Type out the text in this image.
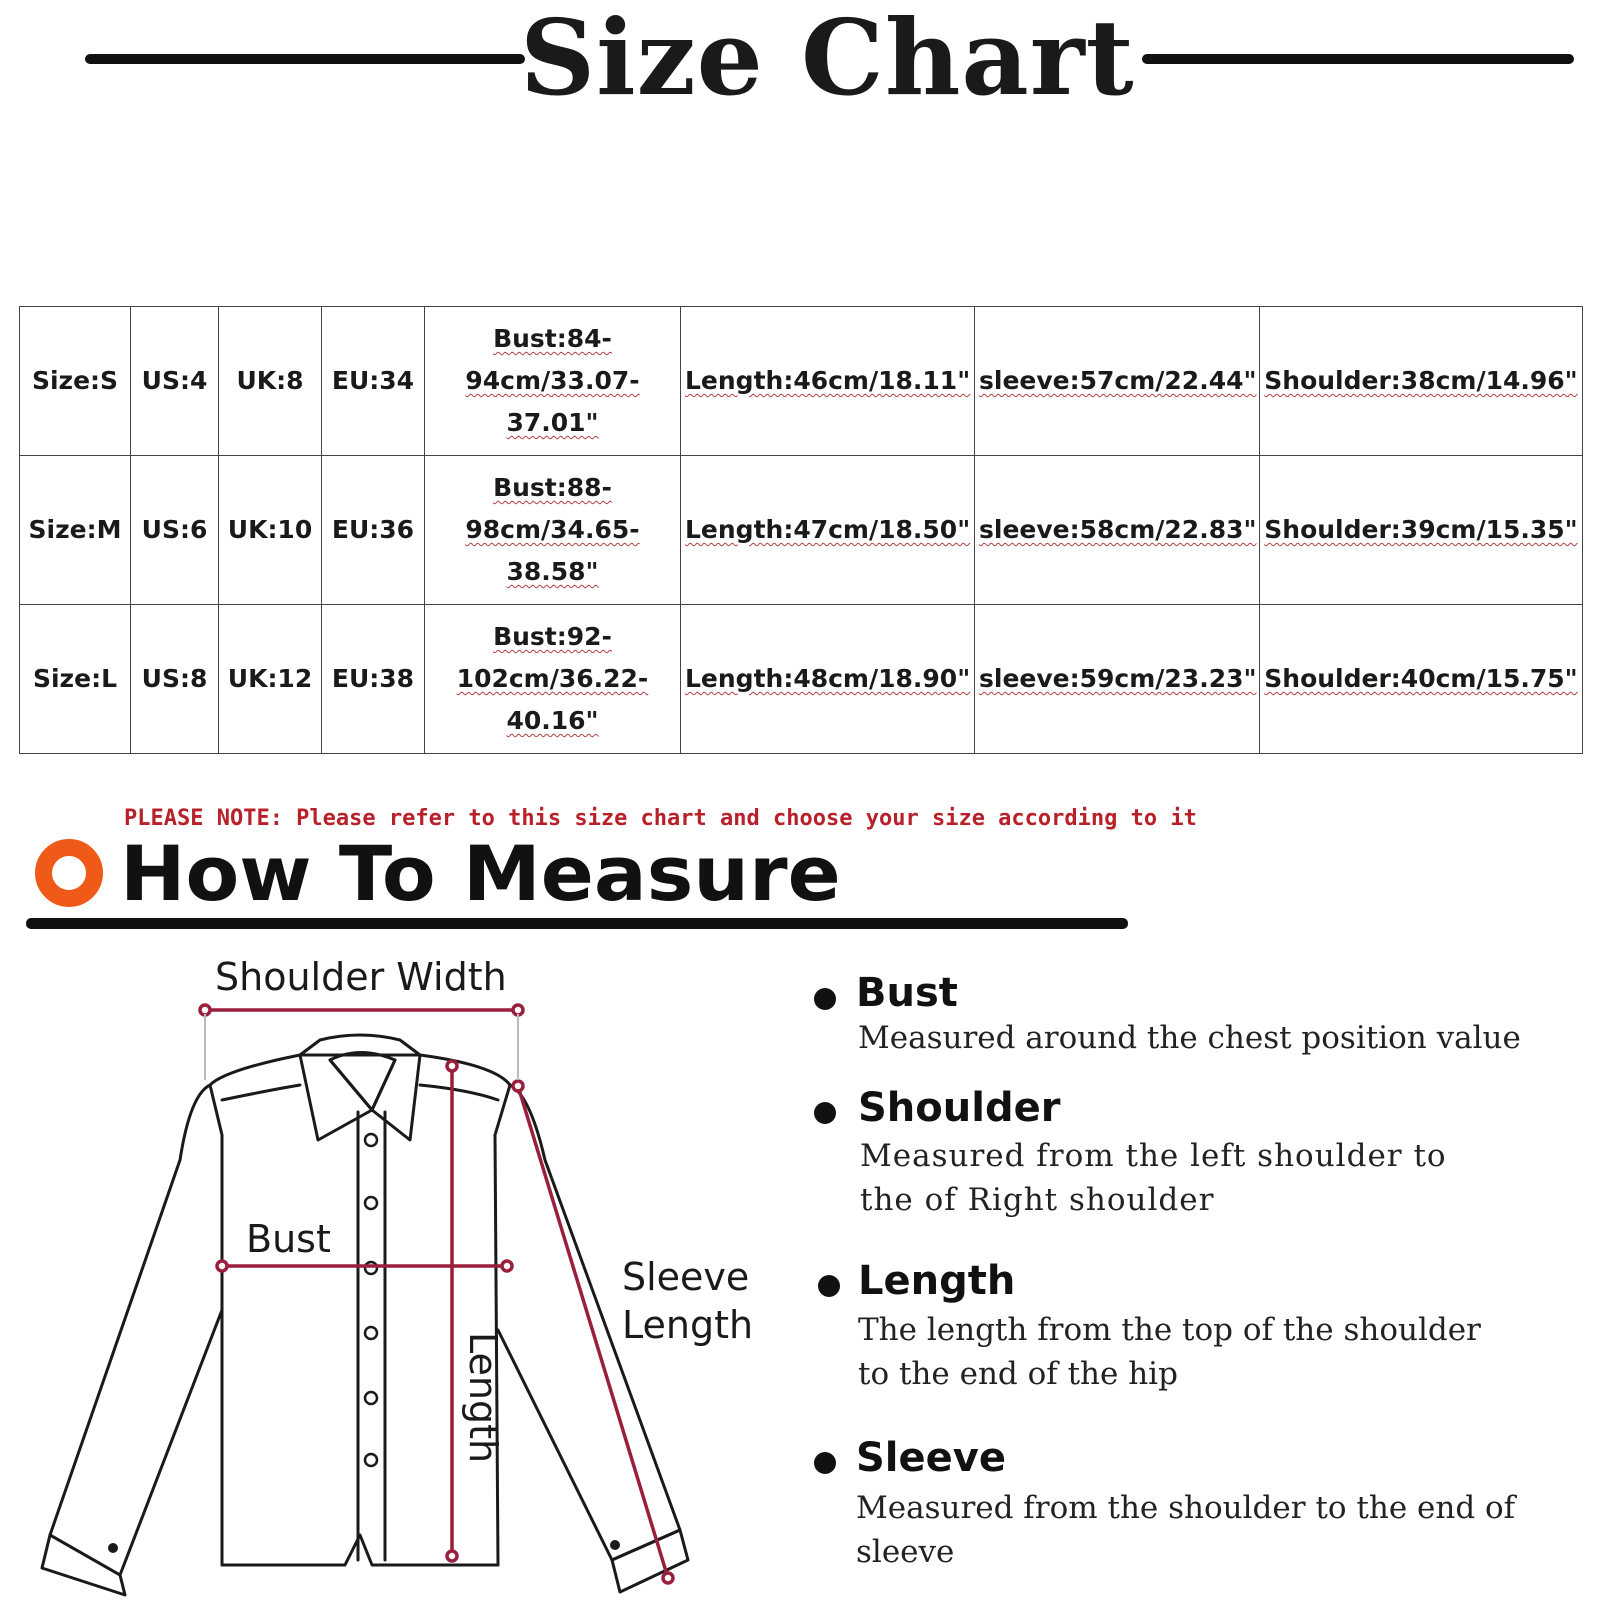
Size Chart
Size:S	US:4	UK:8	EU:34	Bust:84-94cm/33.07-37.01"	Length:46cm/18.11"	sleeve:57cm/22.44"	Shoulder:38cm/14.96"
Size:M	US:6	UK:10	EU:36	Bust:88-98cm/34.65-38.58"	Length:47cm/18.50"	sleeve:58cm/22.83"	Shoulder:39cm/15.35"
Size:L	US:8	UK:12	EU:38	Bust:92-102cm/36.22-40.16"	Length:48cm/18.90"	sleeve:59cm/23.23"	Shoulder:40cm/15.75"
PLEASE NOTE: Please refer to this size chart and choose your size according to it
How To Measure
Shoulder Width
Bust
Sleeve
Length
Length
Bust
Measured around the chest position value
Shoulder
Measured from the left shoulder to the of Right shoulder
Length
The length from the top of the shoulder to the end of the hip
Sleeve
Measured from the shoulder to the end of sleeve
